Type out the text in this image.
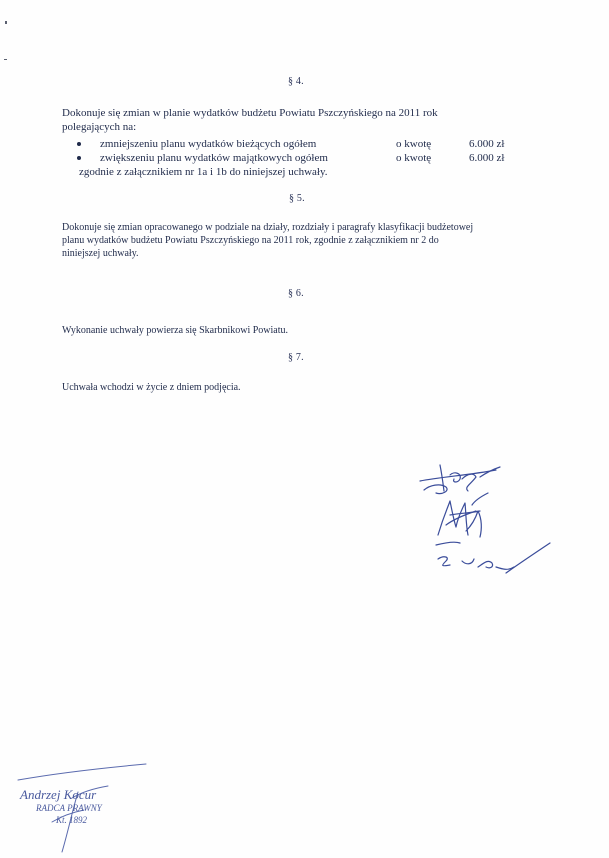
§ 4.
Dokonuje się zmian w planie wydatków budżetu Powiatu Pszczyńskiego na 2011 rok
polegających na:
zmniejszeniu planu wydatków bieżących ogółem	o kwotę	6.000 zł
zwiększeniu planu wydatków majątkowych ogółem	o kwotę	6.000 zł
zgodnie z załącznikiem nr 1a i 1b do niniejszej uchwały.
§ 5.
Dokonuje się zmian opracowanego w podziale na działy, rozdziały i paragrafy klasyfikacji budżetowej
planu wydatków budżetu Powiatu Pszczyńskiego na 2011 rok, zgodnie z załącznikiem nr 2 do
niniejszej uchwały.
§ 6.
Wykonanie uchwały powierza się Skarbnikowi Powiatu.
§ 7.
Uchwała wchodzi w życie z dniem podjęcia.
Andrzej Kocur
RADCA PRAWNY
Kt. 1892
